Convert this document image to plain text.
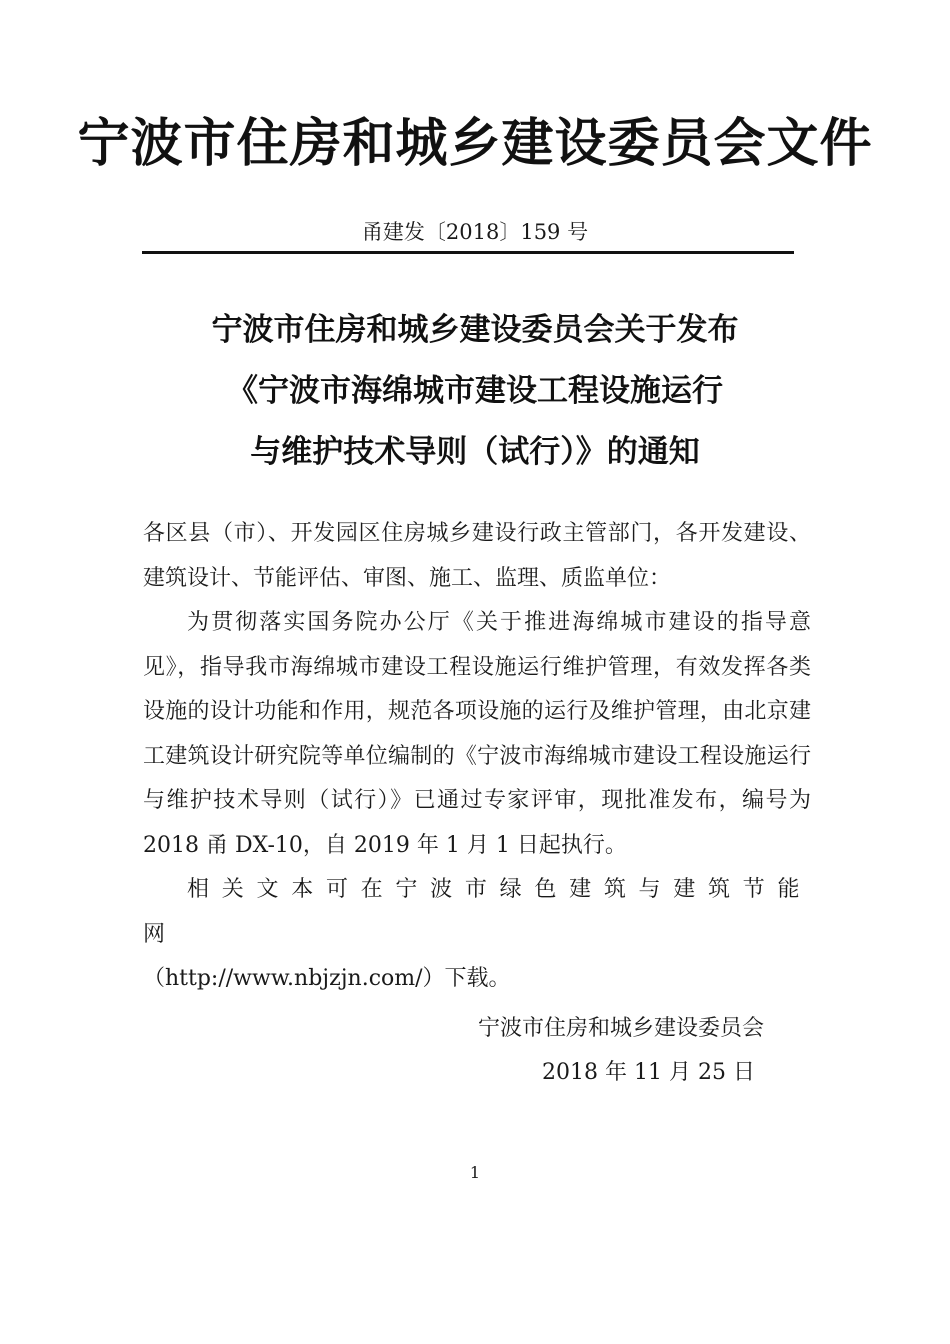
宁波市住房和城乡建设委员会文件
甬建发〔2018〕159 号
宁波市住房和城乡建设委员会关于发布
《宁波市海绵城市建设工程设施运行
与维护技术导则（试行）》的通知

各区县（市）、开发园区住房城乡建设行政主管部门，各开发建设、建筑设计、节能评估、审图、施工、监理、质监单位：

为贯彻落实国务院办公厅《关于推进海绵城市建设的指导意见》，指导我市海绵城市建设工程设施运行维护管理，有效发挥各类设施的设计功能和作用，规范各项设施的运行及维护管理，由北京建工建筑设计研究院等单位编制的《宁波市海绵城市建设工程设施运行与维护技术导则（试行）》已通过专家评审，现批准发布，编号为 2018 甬 DX-10，自 2019 年 1 月 1 日起执行。

相关文本可在宁波市绿色建筑与建筑节能网

（http://www.nbjzjn.com/）下载。

宁波市住房和城乡建设委员会
2018 年 11 月 25 日
1
